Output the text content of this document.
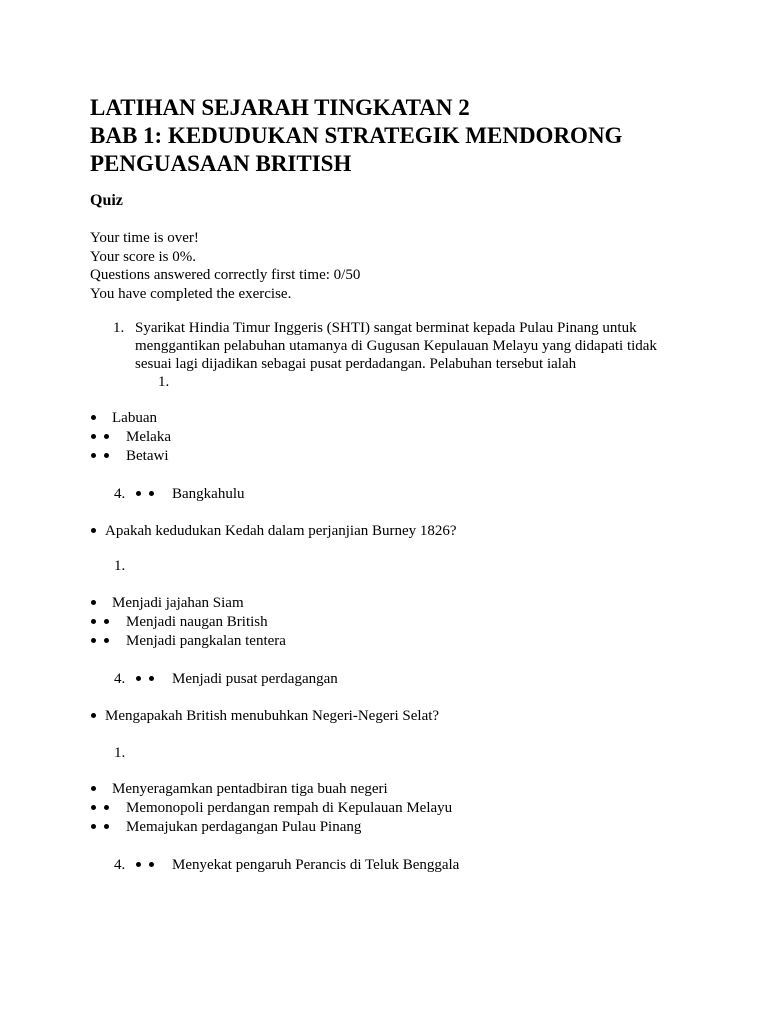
LATIHAN SEJARAH TINGKATAN 2
BAB 1: KEDUDUKAN STRATEGIK MENDORONG
PENGUASAAN BRITISH
Quiz
Your time is over!
Your score is 0%.
Questions answered correctly first time: 0/50
You have completed the exercise.
1. Syarikat Hindia Timur Inggeris (SHTI) sangat berminat kepada Pulau Pinang untuk
menggantikan pelabuhan utamanya di Gugusan Kepulauan Melayu yang didapati tidak
sesuai lagi dijadikan sebagai pusat perdadangan. Pelabuhan tersebut ialah
1.
Labuan
Melaka
Betawi
4.	Bangkahulu
Apakah kedudukan Kedah dalam perjanjian Burney 1826?
1.
Menjadi jajahan Siam
Menjadi naugan British
Menjadi pangkalan tentera
4.	Menjadi pusat perdagangan
Mengapakah British menubuhkan Negeri-Negeri Selat?
1.
Menyeragamkan pentadbiran tiga buah negeri
Memonopoli perdangan rempah di Kepulauan Melayu
Memajukan perdagangan Pulau Pinang
4.	Menyekat pengaruh Perancis di Teluk Benggala
